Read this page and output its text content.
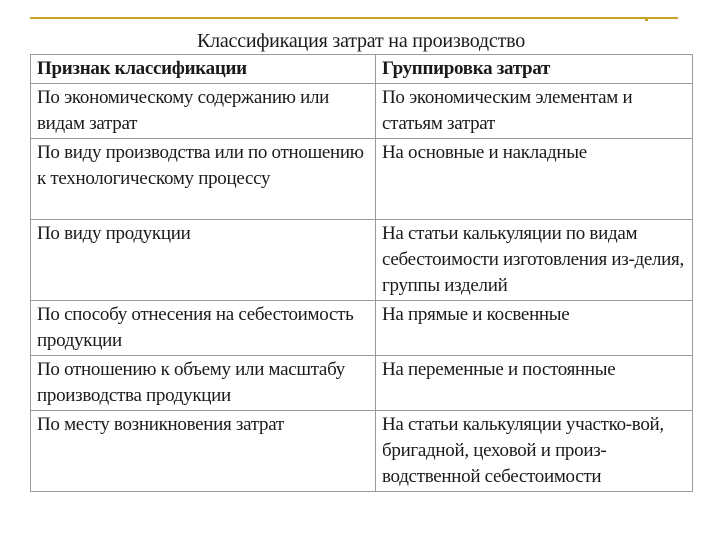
Классификация затрат на производство
Признак классификации	Группировка затрат
По экономическому содержанию или видам затрат	По экономическим элементам и статьям затрат
По виду производства или по отношению к технологическому процессу	На основные и накладные
По виду продукции	На статьи калькуляции по видам себестоимости изготовления из-делия, группы изделий
По способу отнесения на себестоимость продукции	На прямые и косвенные
По отношению к объему или масштабу производства продукции	На переменные и постоянные
По месту возникновения затрат	На статьи калькуляции участко-вой, бригадной, цеховой и произ-водственной себестоимости
